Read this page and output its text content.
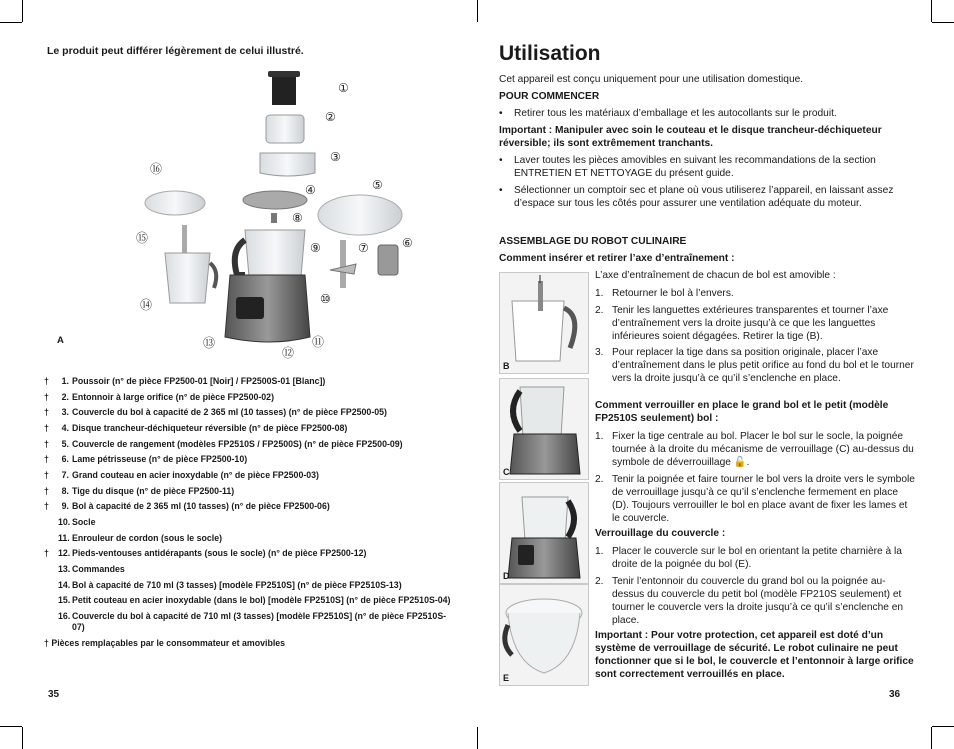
Le produit peut différer légèrement de celui illustré.
①
②
③
④	⑤
⑥
⑦
⑧
⑨
⑩
⑪
⑫
⑬
⑭
⑮
⑯
A
†	1. Poussoir (n° de pièce FP2500-01 [Noir] / FP2500S-01 [Blanc])
†	2. Entonnoir à large orifice (n° de pièce FP2500-02)
†	3. Couvercle du bol à capacité de 2 365 ml (10 tasses) (n° de pièce FP2500-05)
†	4. Disque trancheur-déchiqueteur réversible (n° de pièce FP2500-08)
†	5. Couvercle de rangement (modèles FP2510S / FP2500S) (n° de pièce FP2500-09)
†	6. Lame pétrisseuse (n° de pièce FP2500-10)
†	7. Grand couteau en acier inoxydable (n° de pièce FP2500-03)
†	8. Tige du disque (n° de pièce FP2500-11)
†	9. Bol à capacité de 2 365 ml (10 tasses) (n° de pièce FP2500-06)
10. Socle
11. Enrouleur de cordon (sous le socle)
†	12. Pieds-ventouses antidérapants (sous le socle) (n° de pièce FP2500-12)
13. Commandes
14. Bol à capacité de 710 ml (3 tasses) [modèle FP2510S] (n° de pièce FP2510S-13)
15. Petit couteau en acier inoxydable (dans le bol) [modèle FP2510S] (n° de pièce FP2510S-04)
16. Couvercle du bol à capacité de 710 ml (3 tasses) [modèle FP2510S] (n° de pièce FP2510S-07)
† Pièces remplaçables par le consommateur et amovibles
35
Utilisation
Cet appareil est conçu uniquement pour une utilisation domestique.
POUR COMMENCER
•	Retirer tous les matériaux d’emballage et les autocollants sur le produit.
Important : Manipuler avec soin le couteau et le disque trancheur-déchiqueteur réversible; ils sont extrêmement tranchants.
•	Laver toutes les pièces amovibles en suivant les recommandations de la section ENTRETIEN ET NETTOYAGE du présent guide.
•	Sélectionner un comptoir sec et plane où vous utiliserez l’appareil, en laissant assez d’espace sur tous les côtés pour assurer une ventilation adéquate du moteur.
ASSEMBLAGE DU ROBOT CULINAIRE
Comment insérer et retirer l’axe d’entraînement :
B
C
D
E
L’axe d’entraînement de chacun de bol est amovible :
1. Retourner le bol à l’envers.
2. Tenir les languettes extérieures transparentes et tourner l’axe d’entraînement vers la droite jusqu’à ce que les languettes inférieures soient dégagées. Retirer la tige (B).
3. Pour replacer la tige dans sa position originale, placer l’axe d’entraînement dans le plus petit orifice au fond du bol et le tourner vers la droite jusqu’à ce qu’il s’enclenche en place.
Comment verrouiller en place le grand bol et le petit (modèle FP2510S seulement) bol :
1. Fixer la tige centrale au bol. Placer le bol sur le socle, la poignée tournée à la droite du mécanisme de verrouillage (C) au-dessus du symbole de déverrouillage 🔓.
2. Tenir la poignée et faire tourner le bol vers la droite vers le symbole de verrouillage jusqu’à ce qu’il s’enclenche fermement en place (D). Toujours verrouiller le bol en place avant de fixer les lames et le couvercle.
Verrouillage du couvercle :
1. Placer le couvercle sur le bol en orientant la petite charnière à la droite de la poignée du bol (E).
2. Tenir l’entonnoir du couvercle du grand bol ou la poignée au-dessus du couvercle du petit bol (modèle FP210S seulement) et tourner le couvercle vers la droite jusqu’à ce qu’il s’enclenche en place.
Important : Pour votre protection, cet appareil est doté d’un système de verrouillage de sécurité. Le robot culinaire ne peut fonctionner que si le bol, le couvercle et l’entonnoir à large orifice sont correctement verrouillés en place.
36
